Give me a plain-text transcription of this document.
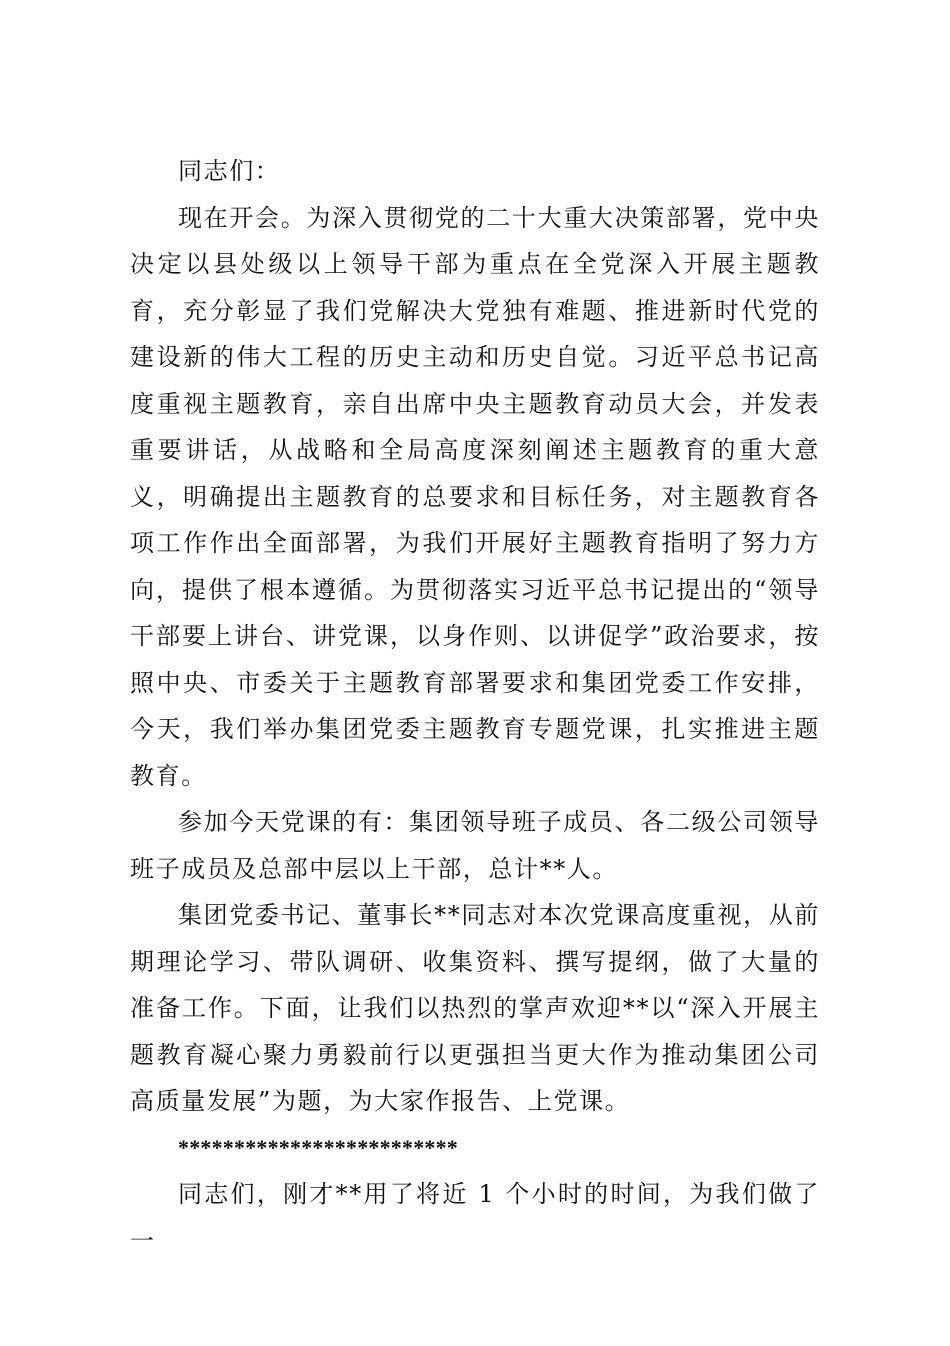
同志们：

现在开会。为深入贯彻党的二十大重大决策部署，党中央决定以县处级以上领导干部为重点在全党深入开展主题教育，充分彰显了我们党解决大党独有难题、推进新时代党的建设新的伟大工程的历史主动和历史自觉。习近平总书记高度重视主题教育，亲自出席中央主题教育动员大会，并发表重要讲话，从战略和全局高度深刻阐述主题教育的重大意义，明确提出主题教育的总要求和目标任务，对主题教育各项工作作出全面部署，为我们开展好主题教育指明了努力方向，提供了根本遵循。为贯彻落实习近平总书记提出的“领导干部要上讲台、讲党课，以身作则、以讲促学”政治要求，按照中央、市委关于主题教育部署要求和集团党委工作安排，今天，我们举办集团党委主题教育专题党课，扎实推进主题教育。

参加今天党课的有：集团领导班子成员、各二级公司领导班子成员及总部中层以上干部，总计**人。

集团党委书记、董事长**同志对本次党课高度重视，从前期理论学习、带队调研、收集资料、撰写提纲，做了大量的准备工作。下面，让我们以热烈的掌声欢迎**以“深入开展主题教育凝心聚力勇毅前行以更强担当更大作为推动集团公司高质量发展”为题，为大家作报告、上党课。

*************************

同志们，刚才**用了将近 1 个小时的时间，为我们做了一
